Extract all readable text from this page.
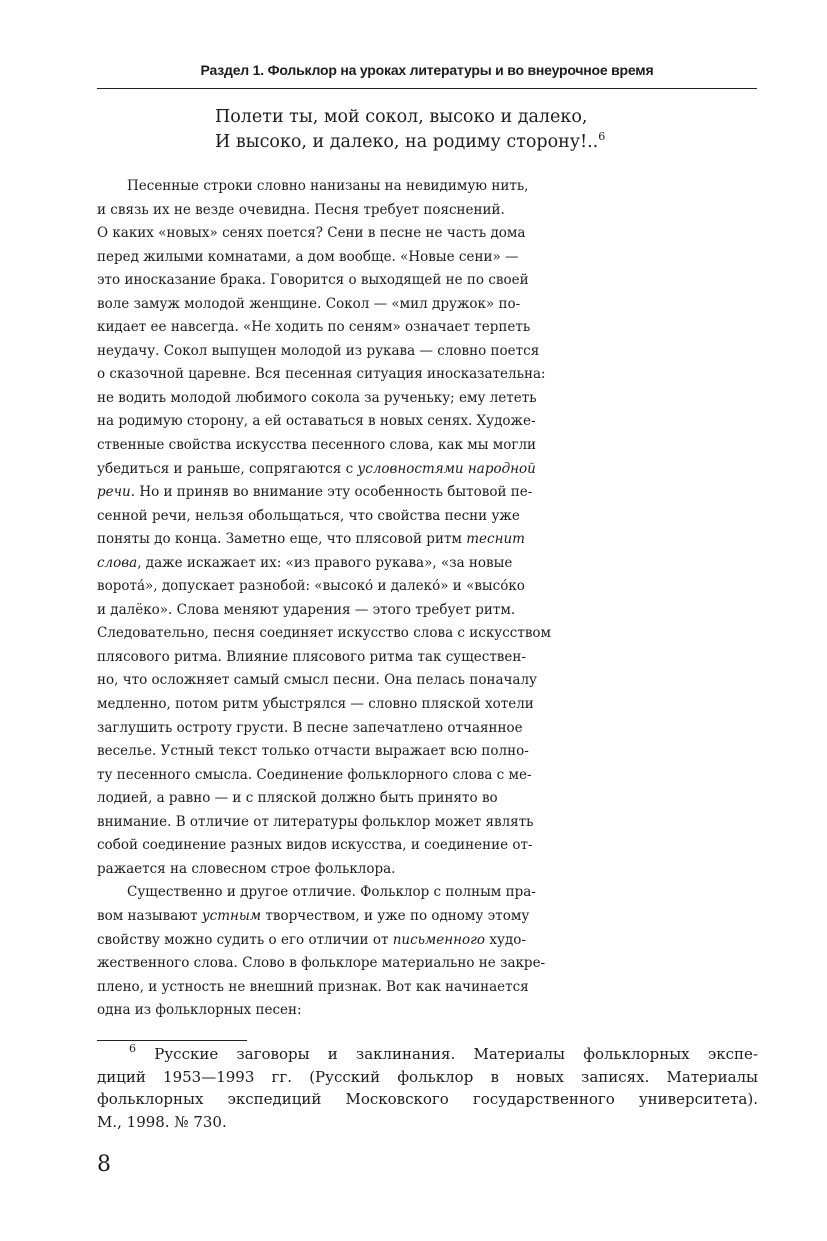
Раздел 1. Фольклор на уроках литературы и во внеурочное время
Полети ты, мой сокол, высоко и далеко,
И высоко, и далеко, на родиму сторону!..$^6$
Песенные строки словно нанизаны на невидимую нить,
и связь их не везде очевидна. Песня требует пояснений.
О каких «новых» сенях поется? Сени в песне не часть дома
перед жилыми комнатами, а дом вообще. «Новые сени» —
это иносказание брака. Говорится о выходящей не по своей
воле замуж молодой женщине. Сокол — «мил дружок» по-
кидает ее навсегда. «Не ходить по сеням» означает терпеть
неудачу. Сокол выпущен молодой из рукава — словно поется
о сказочной царевне. Вся песенная ситуация иносказательна:
не водить молодой любимого сокола за рученьку; ему лететь
на родимую сторону, а ей оставаться в новых сенях. Художе-
ственные свойства искусства песенного слова, как мы могли
убедиться и раньше, сопрягаются с условностями народной
речи. Но и приняв во внимание эту особенность бытовой пе-
сенной речи, нельзя обольщаться, что свойства песни уже
поняты до конца. Заметно еще, что плясовой ритм теснит
слова, даже искажает их: «из правого рукава», «за новые
ворота́», допускает разнобой: «высоко́ и далеко́» и «высо́ко
и далёко». Слова меняют ударения — этого требует ритм.
Следовательно, песня соединяет искусство слова с искусством
плясового ритма. Влияние плясового ритма так существен-
но, что осложняет самый смысл песни. Она пелась поначалу
медленно, потом ритм убыстрялся — словно пляской хотели
заглушить остроту грусти. В песне запечатлено отчаянное
веселье. Устный текст только отчасти выражает всю полно-
ту песенного смысла. Соединение фольклорного слова с ме-
лодией, а равно — и с пляской должно быть принято во
внимание. В отличие от литературы фольклор может являть
собой соединение разных видов искусства, и соединение от-
ражается на словесном строе фольклора.
Существенно и другое отличие. Фольклор с полным пра-
вом называют устным творчеством, и уже по одному этому
свойству можно судить о его отличии от письменного худо-
жественного слова. Слово в фольклоре материально не закре-
плено, и устность не внешний признак. Вот как начинается
одна из фольклорных песен:
$^6$ Русские заговоры и заклинания. Материалы фольклорных экспе-
диций 1953—1993 гг. (Русский фольклор в новых записях. Материалы
фольклорных экспедиций Московского государственного университета).
М., 1998. № 730.
8
